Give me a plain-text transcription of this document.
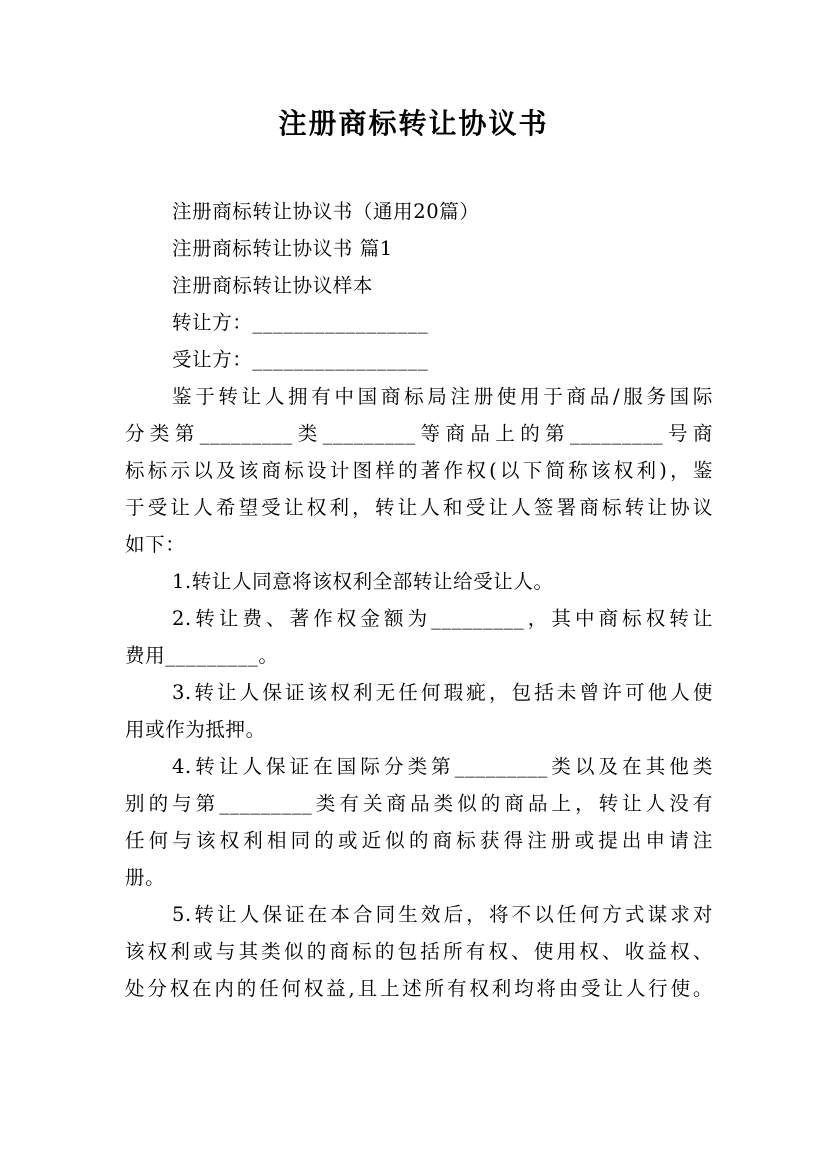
注册商标转让协议书

注册商标转让协议书（通用20篇）

注册商标转让协议书 篇1

注册商标转让协议样本

转让方：_________________

受让方：_________________

鉴于转让人拥有中国商标局注册使用于商品/服务国际
分类第_________类_________等商品上的第_________号商
标标示以及该商标设计图样的著作权(以下简称该权利)，鉴
于受让人希望受让权利，转让人和受让人签署商标转让协议
如下：
1.转让人同意将该权利全部转让给受让人。
2.转让费、著作权金额为_________，其中商标权转让
费用_________。
3.转让人保证该权利无任何瑕疵，包括未曾许可他人使
用或作为抵押。
4.转让人保证在国际分类第_________类以及在其他类
别的与第_________类有关商品类似的商品上，转让人没有
任何与该权利相同的或近似的商标获得注册或提出申请注
册。
5.转让人保证在本合同生效后，将不以任何方式谋求对
该权利或与其类似的商标的包括所有权、使用权、收益权、
处分权在内的任何权益,且上述所有权利均将由受让人行使。
